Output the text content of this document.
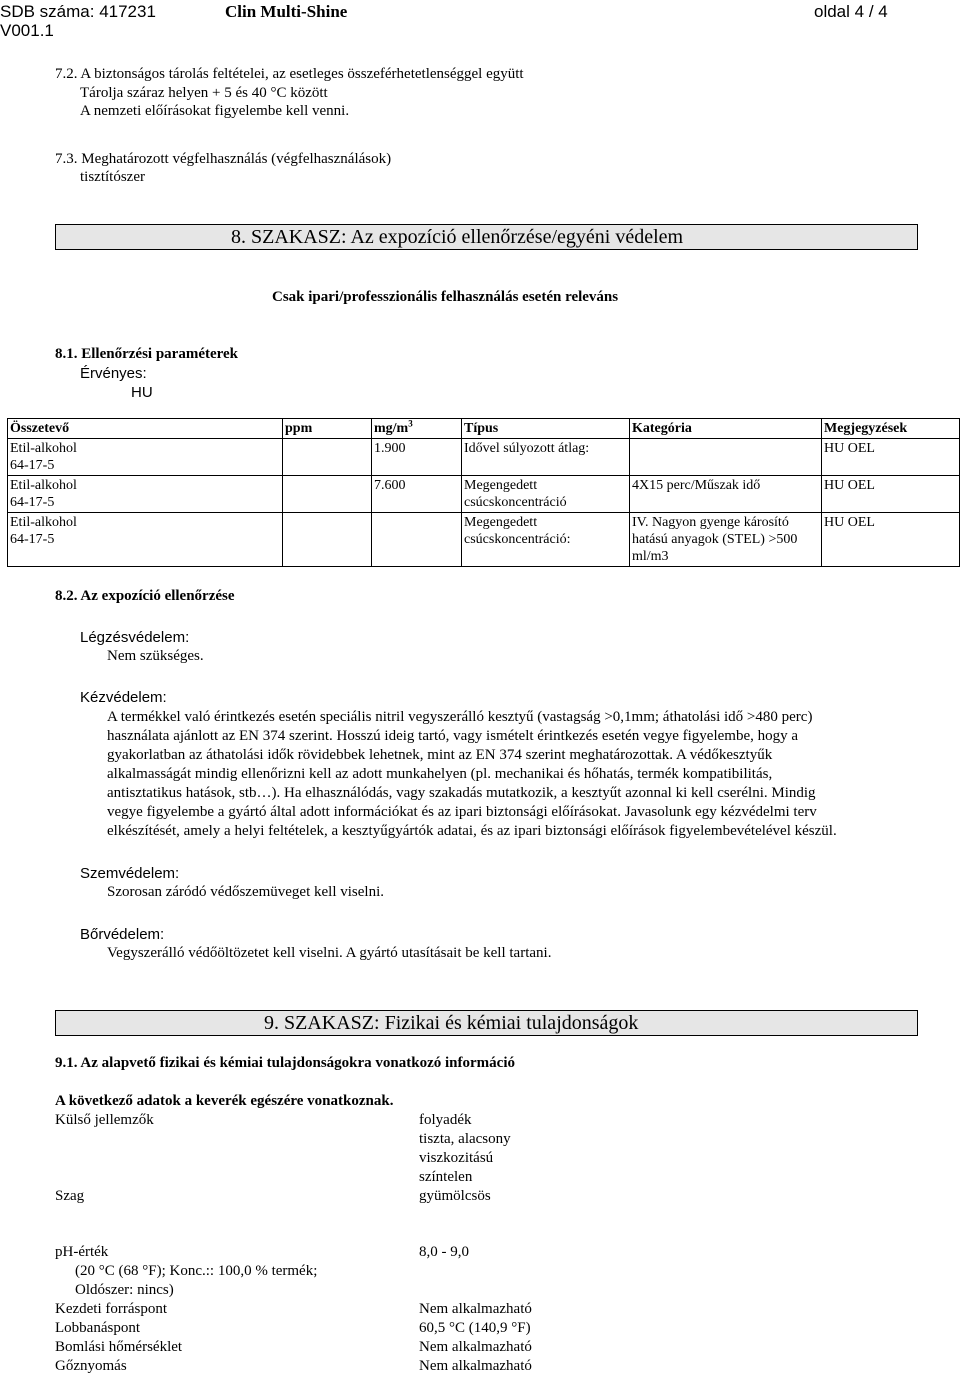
SDB száma: 417231
V001.1
Clin Multi-Shine	oldal 4 / 4
7.2. A biztonságos tárolás feltételei, az esetleges összeférhetetlenséggel együtt
Tárolja száraz helyen + 5 és 40 °C között
A nemzeti előírásokat figyelembe kell venni.
7.3. Meghatározott végfelhasználás (végfelhasználások)
tisztítószer
8. SZAKASZ: Az expozíció ellenőrzése/egyéni védelem
Csak ipari/professzionális felhasználás esetén releváns
8.1. Ellenőrzési paraméterek
Érvényes:
HU
Összetevő	ppm	$mg/m^3$	Típus	Kategória	Megjegyzések

Etil-alkohol
64-17-5		1.900	Idővel súlyozott átlag:		HU OEL

Etil-alkohol
64-17-5		7.600	Megengedett csúcskoncentráció	4X15 perc/Műszak idő	HU OEL

Etil-alkohol
64-17-5			Megengedett csúcskoncentráció:	IV. Nagyon gyenge károsító hatású anyagok (STEL) >500 ml/m3	HU OEL
8.2. Az expozíció ellenőrzése
Légzésvédelem:
Nem szükséges.
Kézvédelem:
A termékkel való érintkezés esetén speciális nitril vegyszerálló kesztyű (vastagság >0,1mm; áthatolási idő >480 perc)
használata ajánlott az EN 374 szerint. Hosszú ideig tartó, vagy ismételt érintkezés esetén vegye figyelembe, hogy a
gyakorlatban az áthatolási idők rövidebbek lehetnek, mint az EN 374 szerint meghatározottak. A védőkesztyűk
alkalmasságát mindig ellenőrizni kell az adott munkahelyen (pl. mechanikai és hőhatás, termék kompatibilitás,
antisztatikus hatások, stb…). Ha elhasználódás, vagy szakadás mutatkozik, a kesztyűt azonnal ki kell cserélni. Mindig
vegye figyelembe a gyártó által adott információkat és az ipari biztonsági előírásokat. Javasolunk egy kézvédelmi terv
elkészítését, amely a helyi feltételek, a kesztyűgyártók adatai, és az ipari biztonsági előírások figyelembevételével készül.
Szemvédelem:
Szorosan záródó védőszemüveget kell viselni.
Bőrvédelem:
Vegyszerálló védőöltözetet kell viselni. A gyártó utasításait be kell tartani.
9. SZAKASZ: Fizikai és kémiai tulajdonságok
9.1. Az alapvető fizikai és kémiai tulajdonságokra vonatkozó információ
A következő adatok a keverék egészére vonatkoznak.
Külső jellemzők	folyadék
tiszta, alacsony
viszkozitású
színtelen
Szag	gyümölcsös
pH-érték	8,0 - 9,0
(20 °C (68 °F); Konc.:: 100,0 % termék;
Oldószer: nincs)
Kezdeti forráspont	Nem alkalmazható
Lobbanáspont	60,5 °C (140,9 °F)
Bomlási hőmérséklet	Nem alkalmazható
Gőznyomás	Nem alkalmazható
